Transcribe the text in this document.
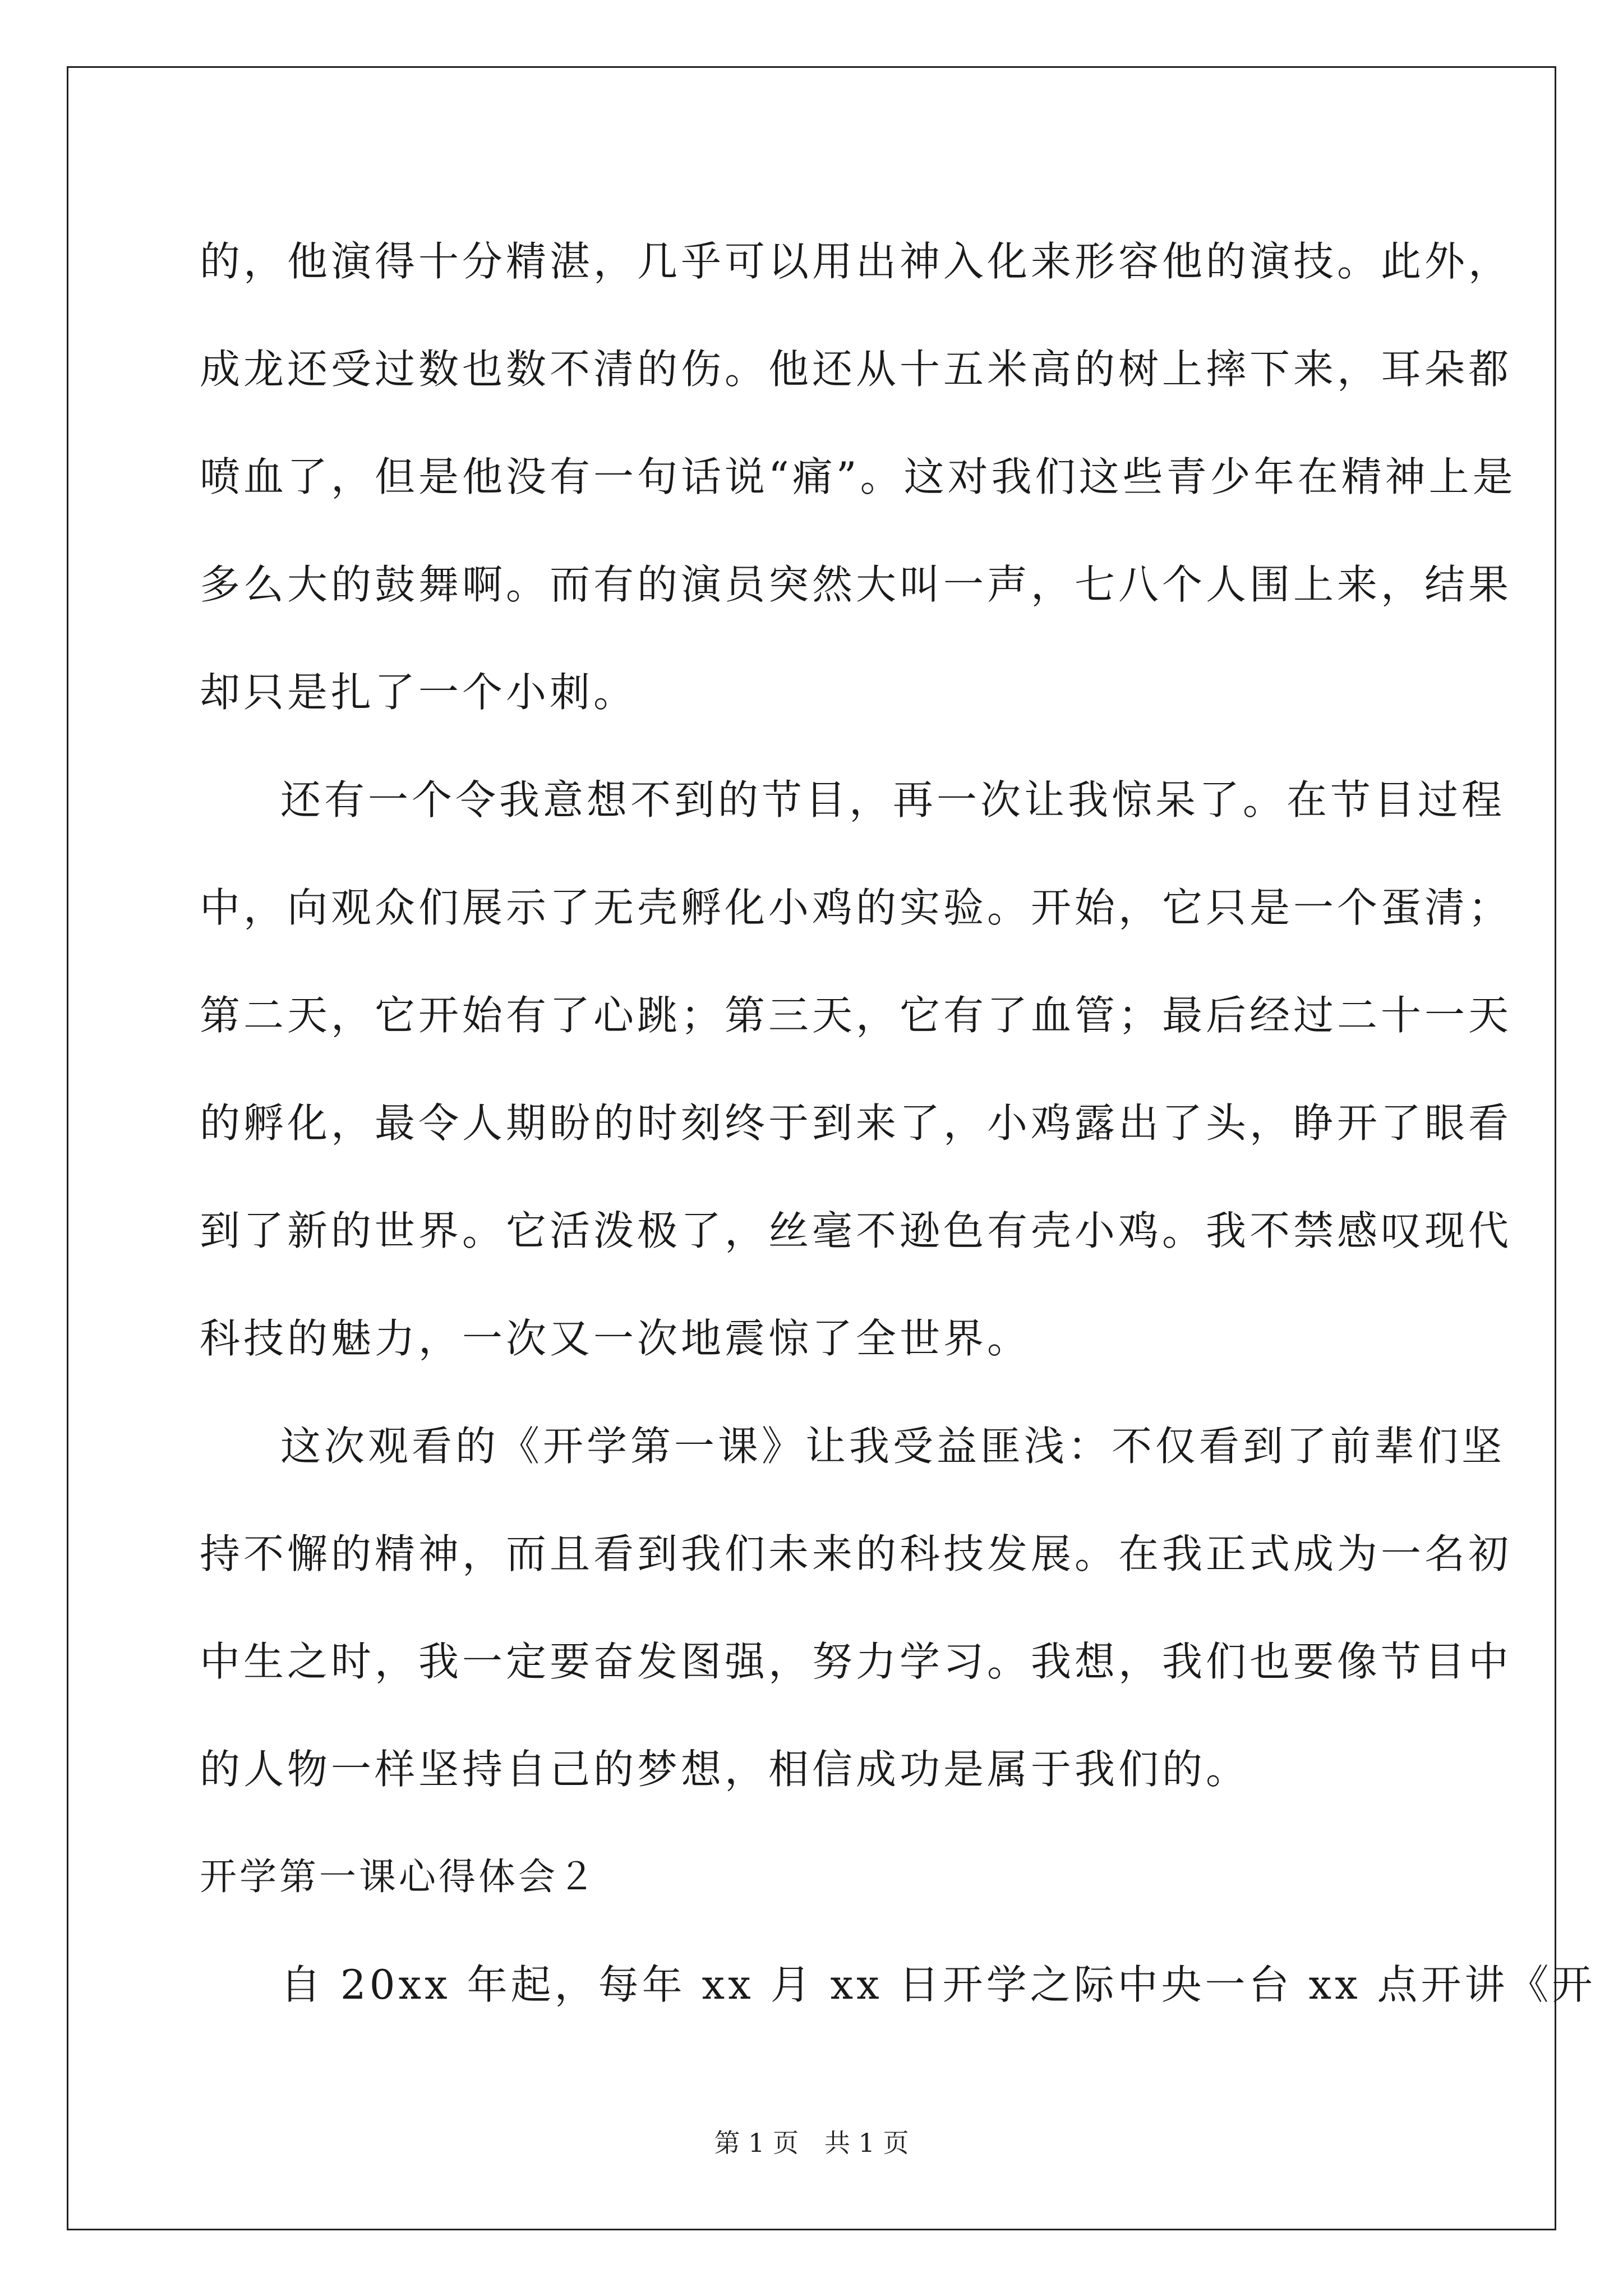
的，他演得十分精湛，几乎可以用出神入化来形容他的演技。此外，
成龙还受过数也数不清的伤。他还从十五米高的树上摔下来，耳朵都
喷血了，但是他没有一句话说“痛”。这对我们这些青少年在精神上是
多么大的鼓舞啊。而有的演员突然大叫一声，七八个人围上来，结果
却只是扎了一个小刺。
还有一个令我意想不到的节目，再一次让我惊呆了。在节目过程
中，向观众们展示了无壳孵化小鸡的实验。开始，它只是一个蛋清；
第二天，它开始有了心跳；第三天，它有了血管；最后经过二十一天
的孵化，最令人期盼的时刻终于到来了，小鸡露出了头，睁开了眼看
到了新的世界。它活泼极了，丝毫不逊色有壳小鸡。我不禁感叹现代
科技的魅力，一次又一次地震惊了全世界。
这次观看的《开学第一课》让我受益匪浅：不仅看到了前辈们坚
持不懈的精神，而且看到我们未来的科技发展。在我正式成为一名初
中生之时，我一定要奋发图强，努力学习。我想，我们也要像节目中
的人物一样坚持自己的梦想，相信成功是属于我们的。
开学第一课心得体会２
自 20xx 年起，每年 xx 月 xx 日开学之际中央一台 xx 点开讲《开
第 1 页　共 1 页
